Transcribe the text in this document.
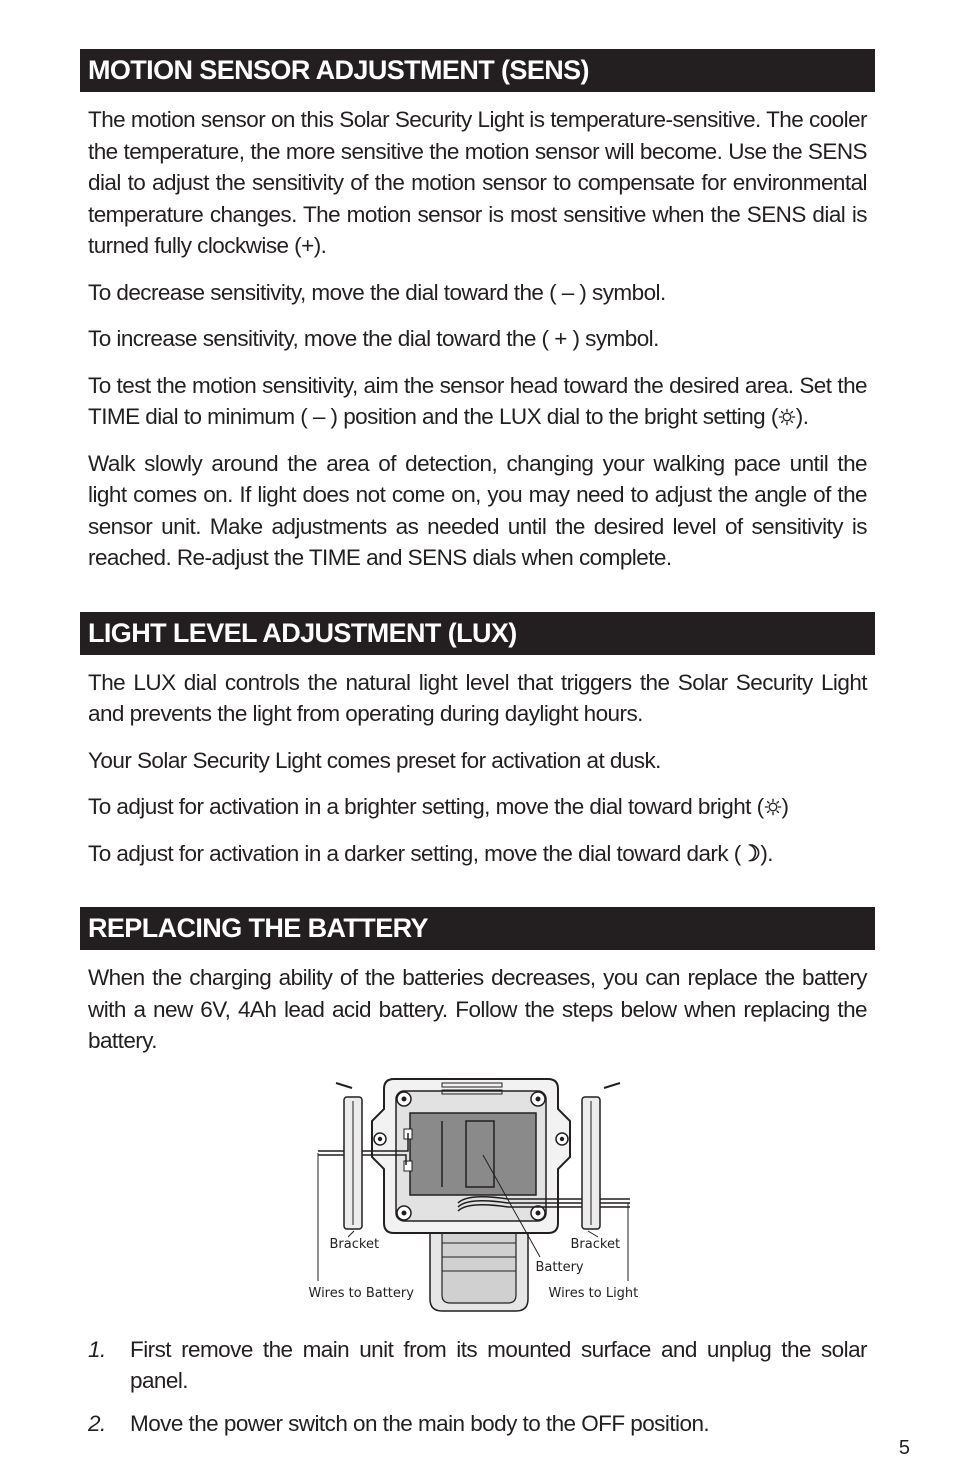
MOTION SENSOR ADJUSTMENT (SENS)

The motion sensor on this Solar Security Light is temperature-sensitive. The cooler the temperature, the more sensitive the motion sensor will become. Use the SENS dial to adjust the sensitivity of the motion sensor to compensate for environmental temperature changes. The motion sensor is most sensitive when the SENS dial is turned fully clockwise (+).

To decrease sensitivity, move the dial toward the ( – ) symbol.

To increase sensitivity, move the dial toward the ( + ) symbol.

To test the motion sensitivity, aim the sensor head toward the desired area. Set the TIME dial to minimum ( – ) position and the LUX dial to the bright setting ( ).

Walk slowly around the area of detection, changing your walking pace until the light comes on. If light does not come on, you may need to adjust the angle of the sensor unit. Make adjustments as needed until the desired level of sensitivity is reached. Re-adjust the TIME and SENS dials when complete.

LIGHT LEVEL ADJUSTMENT (LUX)

The LUX dial controls the natural light level that triggers the Solar Security Light and prevents the light from operating during daylight hours.

Your Solar Security Light comes preset for activation at dusk.

To adjust for activation in a brighter setting, move the dial toward bright ( )

To adjust for activation in a darker setting, move the dial toward dark (☽).

REPLACING THE BATTERY

When the charging ability of the batteries decreases, you can replace the battery with a new 6V, 4Ah lead acid battery. Follow the steps below when replacing the battery.

Bracket	Bracket
Battery
Wires to Battery	Wires to Light
1. First remove the main unit from its mounted surface and unplug the solar panel.
2. Move the power switch on the main body to the OFF position.
5
